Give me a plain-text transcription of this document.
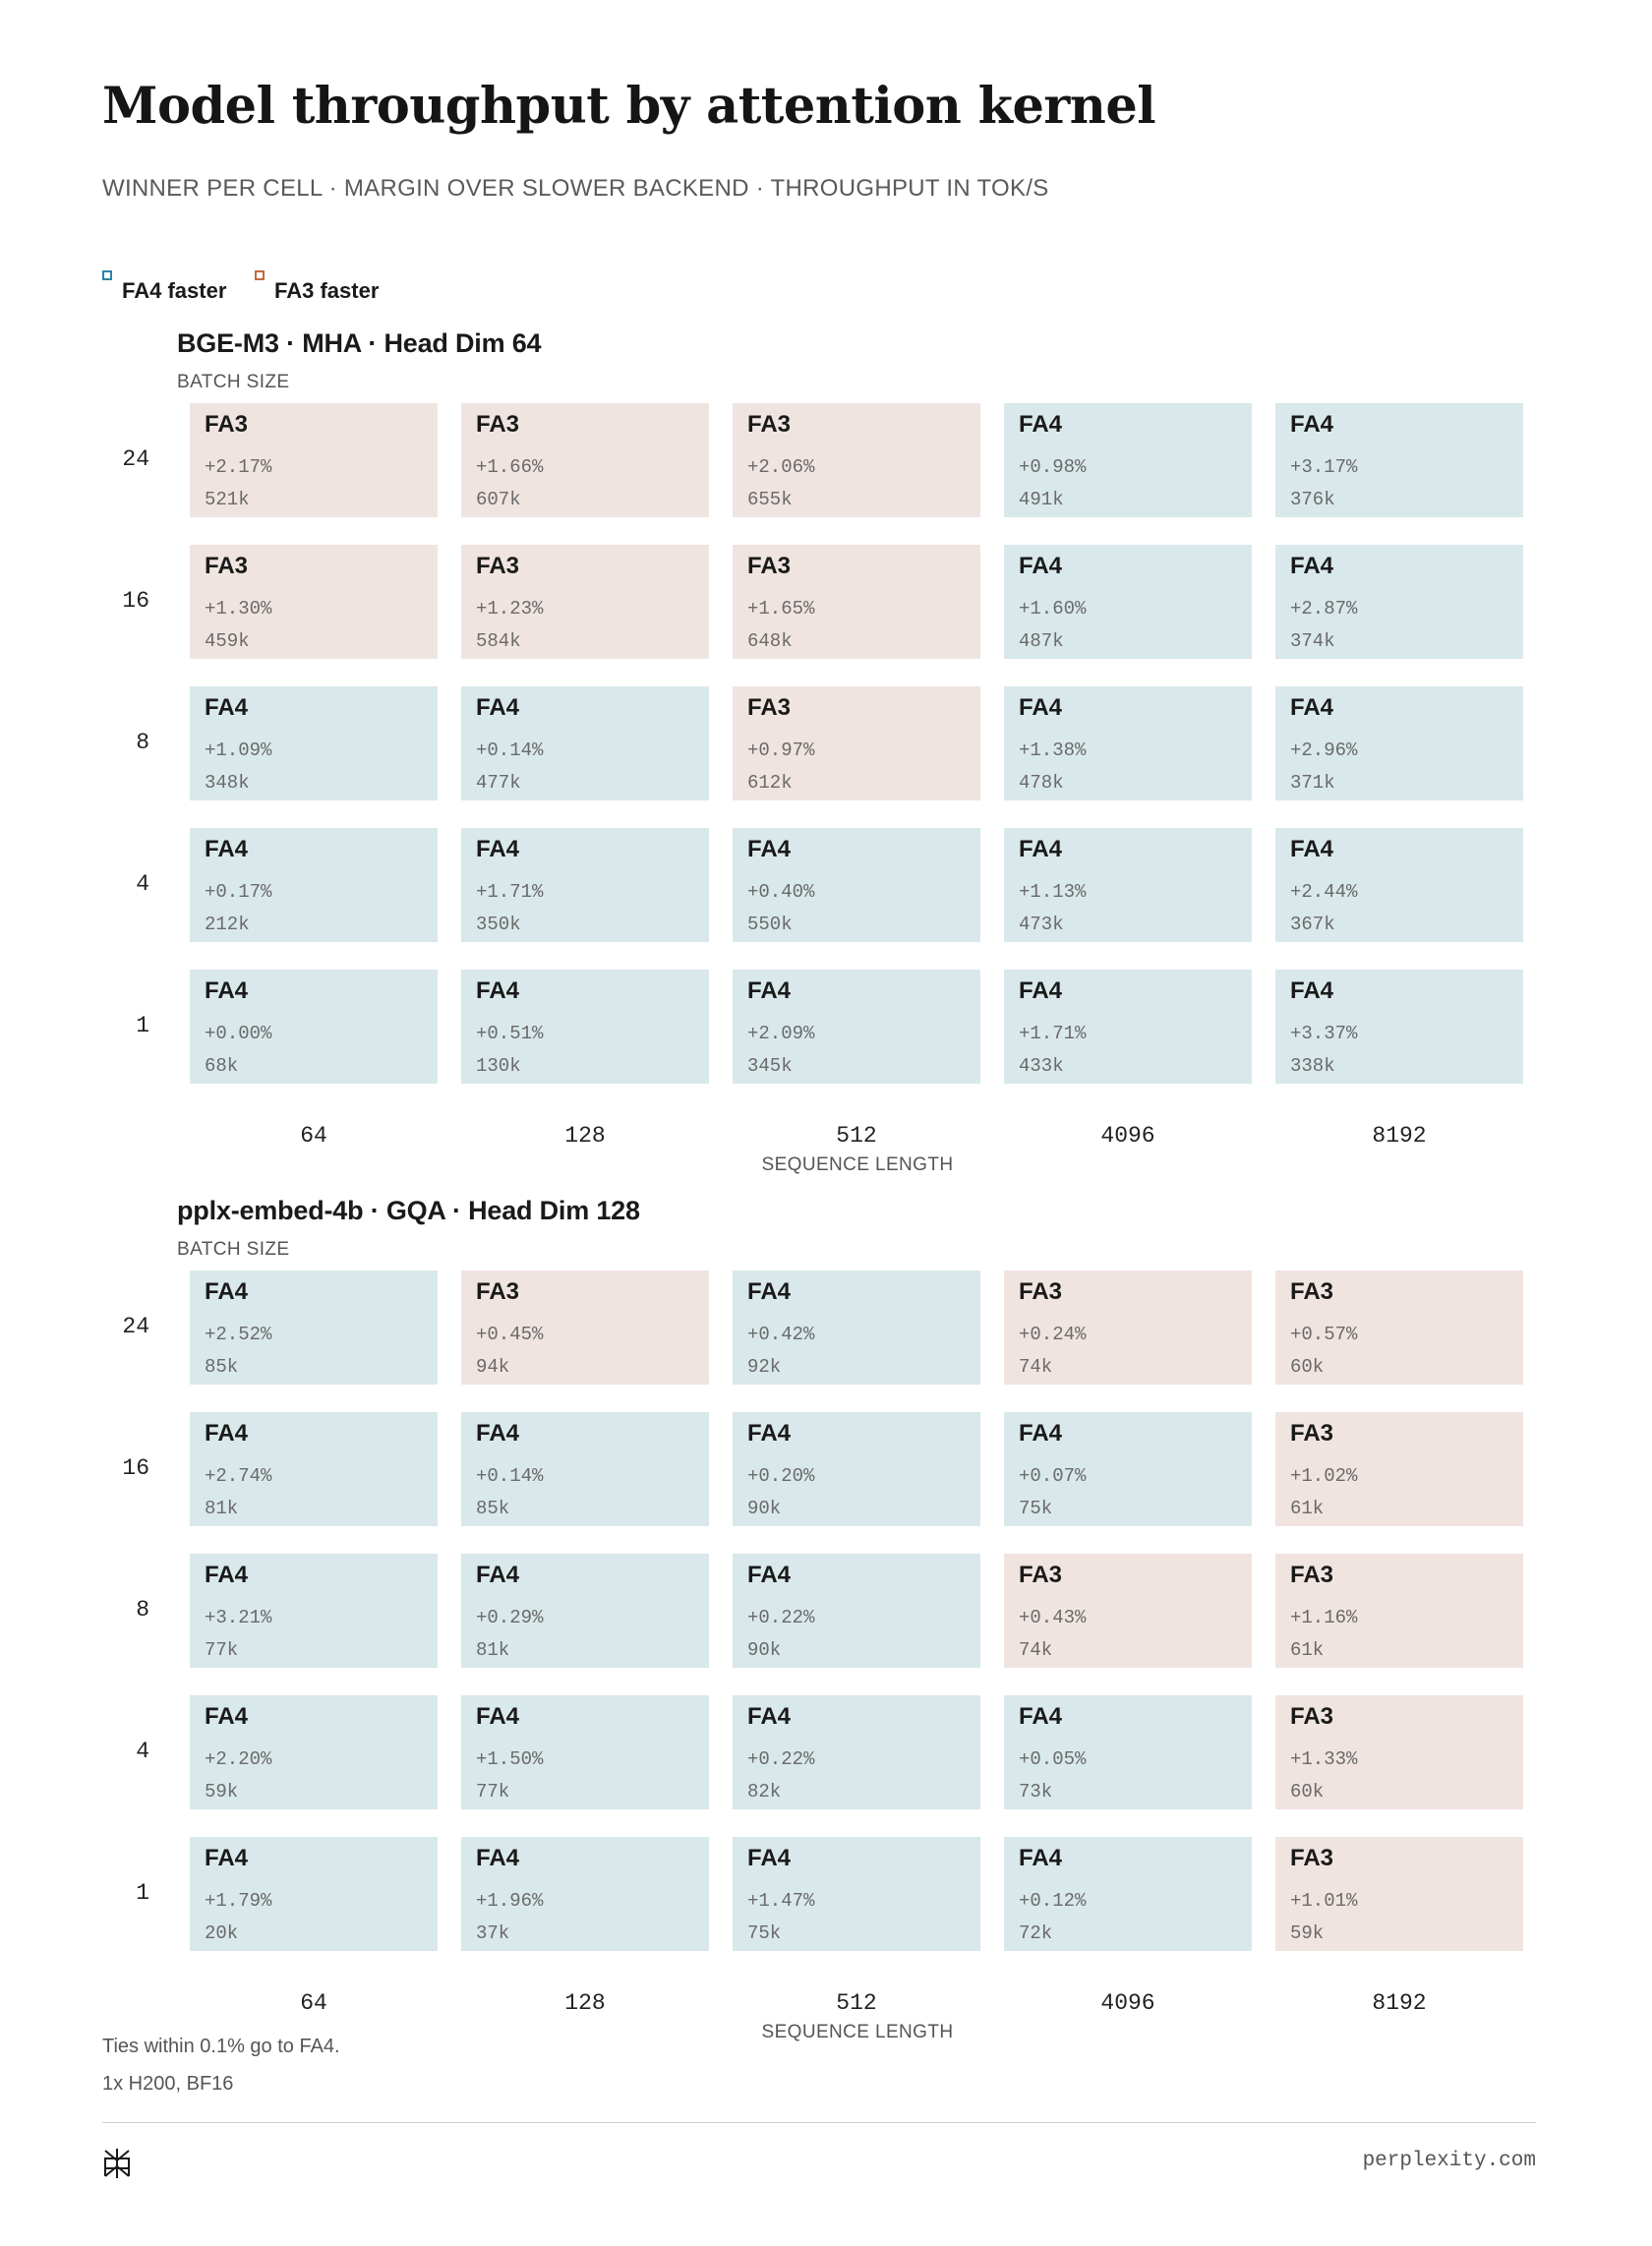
Model throughput by attention kernel
WINNER PER CELL · MARGIN OVER SLOWER BACKEND · THROUGHPUT IN TOK/S
FA4 faster FA3 faster
BGE-M3 · MHA · Head Dim 64
BATCH SIZE
24
FA3
+2.17%
521k
FA3
+1.66%
607k
FA3
+2.06%
655k
FA4
+0.98%
491k
FA4
+3.17%
376k
16
FA3
+1.30%
459k
FA3
+1.23%
584k
FA3
+1.65%
648k
FA4
+1.60%
487k
FA4
+2.87%
374k
8
FA4
+1.09%
348k
FA4
+0.14%
477k
FA3
+0.97%
612k
FA4
+1.38%
478k
FA4
+2.96%
371k
4
FA4
+0.17%
212k
FA4
+1.71%
350k
FA4
+0.40%
550k
FA4
+1.13%
473k
FA4
+2.44%
367k
1
FA4
+0.00%
68k
FA4
+0.51%
130k
FA4
+2.09%
345k
FA4
+1.71%
433k
FA4
+3.37%
338k
64	128	512	4096	8192
SEQUENCE LENGTH
pplx-embed-4b · GQA · Head Dim 128
BATCH SIZE
24
FA4
+2.52%
85k
FA3
+0.45%
94k
FA4
+0.42%
92k
FA3
+0.24%
74k
FA3
+0.57%
60k
16
FA4
+2.74%
81k
FA4
+0.14%
85k
FA4
+0.20%
90k
FA4
+0.07%
75k
FA3
+1.02%
61k
8
FA4
+3.21%
77k
FA4
+0.29%
81k
FA4
+0.22%
90k
FA3
+0.43%
74k
FA3
+1.16%
61k
4
FA4
+2.20%
59k
FA4
+1.50%
77k
FA4
+0.22%
82k
FA4
+0.05%
73k
FA3
+1.33%
60k
1
FA4
+1.79%
20k
FA4
+1.96%
37k
FA4
+1.47%
75k
FA4
+0.12%
72k
FA3
+1.01%
59k
64	128	512	4096	8192
SEQUENCE LENGTH
Ties within 0.1% go to FA4.
1x H200, BF16
perplexity.com
